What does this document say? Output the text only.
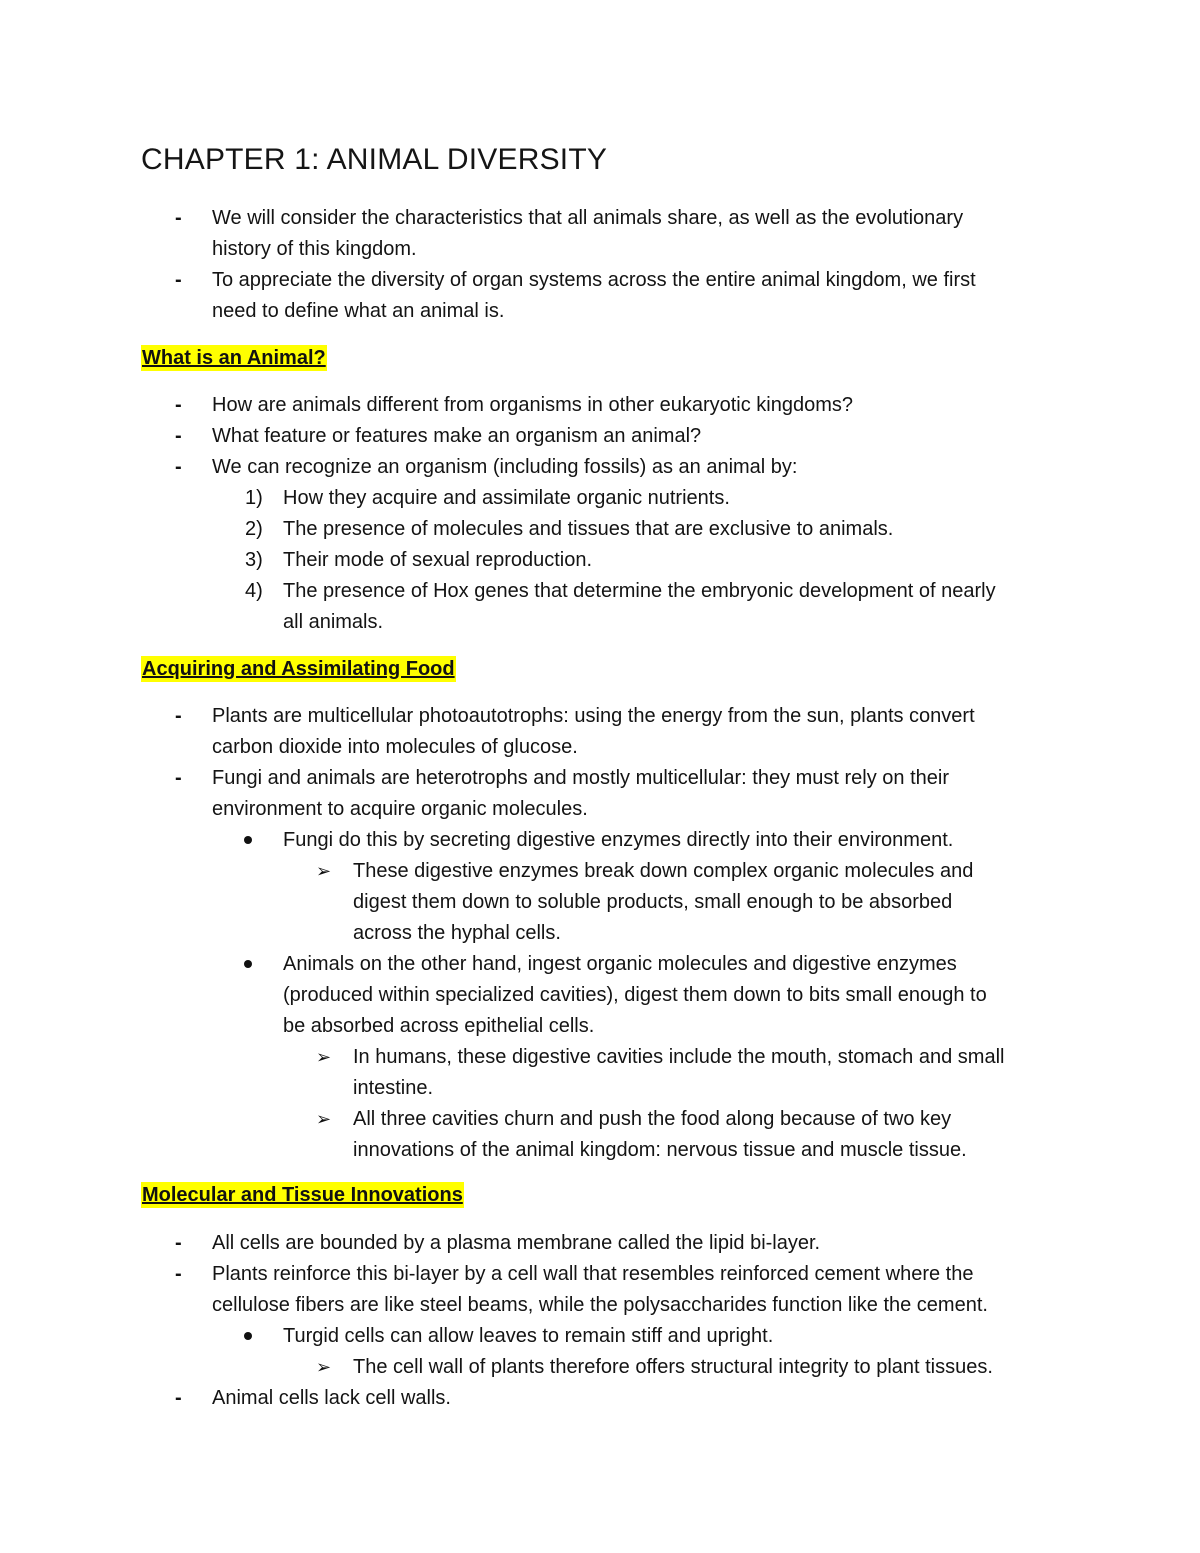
CHAPTER 1: ANIMAL DIVERSITY
- We will consider the characteristics that all animals share, as well as the evolutionary
history of this kingdom.
- To appreciate the diversity of organ systems across the entire animal kingdom, we first
need to define what an animal is.
What is an Animal?
- How are animals different from organisms in other eukaryotic kingdoms?
- What feature or features make an organism an animal?
- We can recognize an organism (including fossils) as an animal by:
1) How they acquire and assimilate organic nutrients.
2) The presence of molecules and tissues that are exclusive to animals.
3) Their mode of sexual reproduction.
4) The presence of Hox genes that determine the embryonic development of nearly
all animals.
Acquiring and Assimilating Food
- Plants are multicellular photoautotrophs: using the energy from the sun, plants convert
carbon dioxide into molecules of glucose.
- Fungi and animals are heterotrophs and mostly multicellular: they must rely on their
environment to acquire organic molecules.
Fungi do this by secreting digestive enzymes directly into their environment.
➢ These digestive enzymes break down complex organic molecules and
digest them down to soluble products, small enough to be absorbed
across the hyphal cells.
Animals on the other hand, ingest organic molecules and digestive enzymes
(produced within specialized cavities), digest them down to bits small enough to
be absorbed across epithelial cells.
➢ In humans, these digestive cavities include the mouth, stomach and small
intestine.
➢ All three cavities churn and push the food along because of two key
innovations of the animal kingdom: nervous tissue and muscle tissue.
Molecular and Tissue Innovations
- All cells are bounded by a plasma membrane called the lipid bi-layer.
- Plants reinforce this bi-layer by a cell wall that resembles reinforced cement where the
cellulose fibers are like steel beams, while the polysaccharides function like the cement.
Turgid cells can allow leaves to remain stiff and upright.
➢ The cell wall of plants therefore offers structural integrity to plant tissues.
- Animal cells lack cell walls.
